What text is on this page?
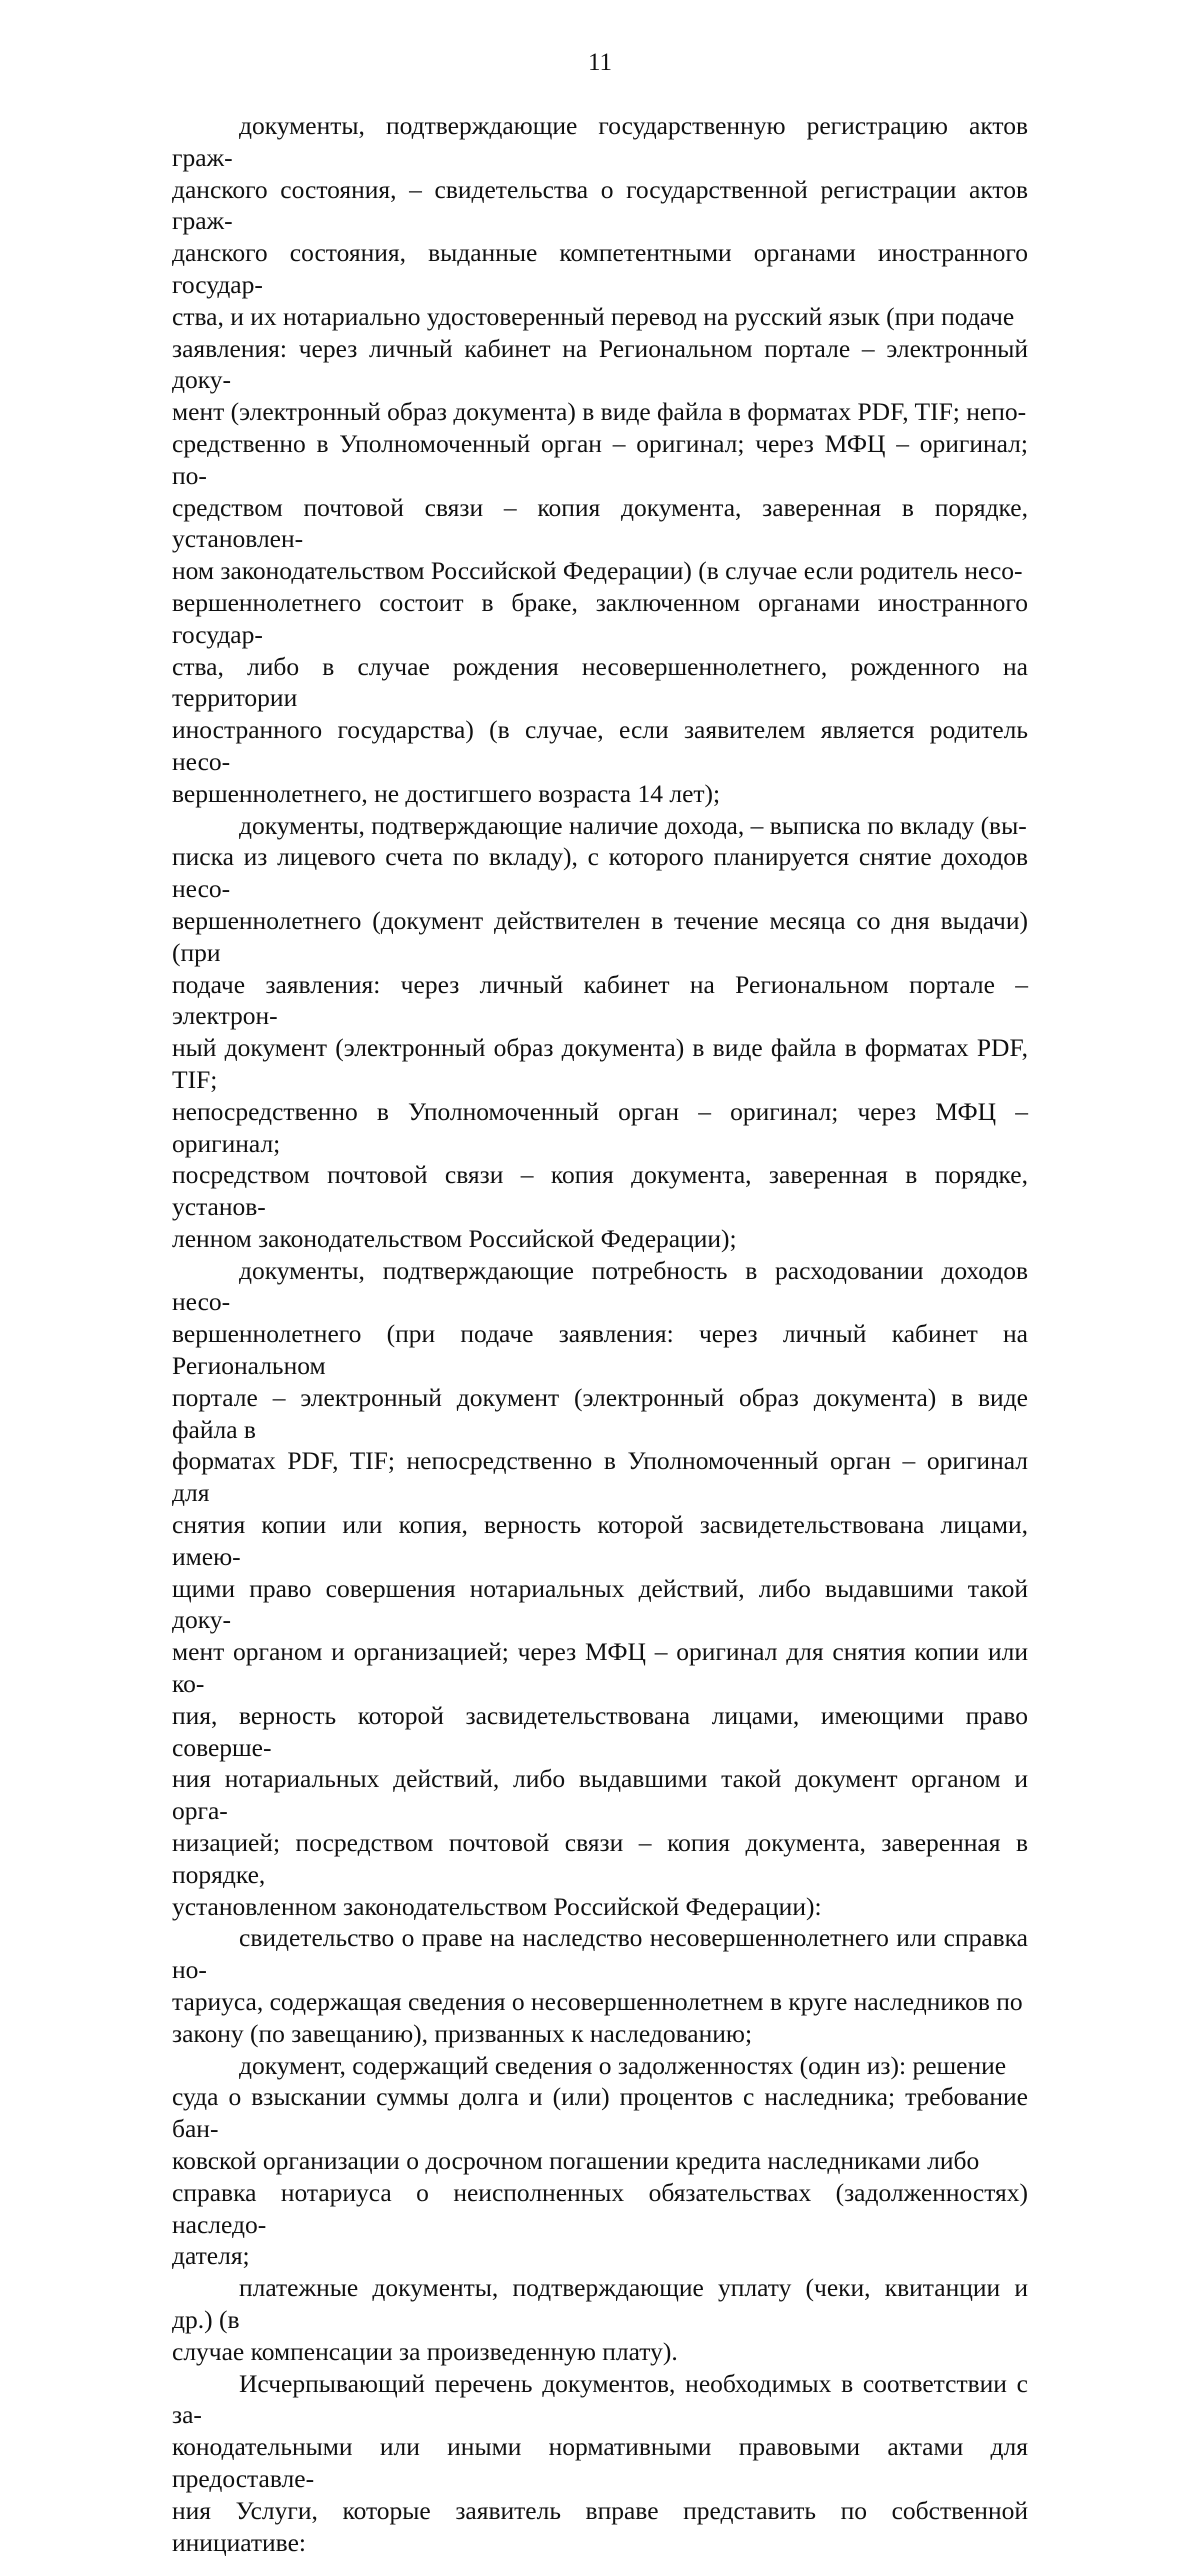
11

документы, подтверждающие государственную регистрацию актов граж-
данского состояния, – свидетельства о государственной регистрации актов граж-
данского состояния, выданные компетентными органами иностранного государ-
ства, и их нотариально удостоверенный перевод на русский язык (при подаче
заявления: через личный кабинет на Региональном портале – электронный доку-
мент (электронный образ документа) в виде файла в форматах PDF, TIF; непо-
средственно в Уполномоченный орган – оригинал; через МФЦ – оригинал; по-
средством почтовой связи – копия документа, заверенная в порядке, установлен-
ном законодательством Российской Федерации) (в случае если родитель несо-
вершеннолетнего состоит в браке, заключенном органами иностранного государ-
ства, либо в случае рождения несовершеннолетнего, рожденного на территории
иностранного государства) (в случае, если заявителем является родитель несо-
вершеннолетнего, не достигшего возраста 14 лет);

документы, подтверждающие наличие дохода, – выписка по вкладу (вы-
писка из лицевого счета по вкладу), с которого планируется снятие доходов несо-
вершеннолетнего (документ действителен в течение месяца со дня выдачи) (при
подаче заявления: через личный кабинет на Региональном портале – электрон-
ный документ (электронный образ документа) в виде файла в форматах PDF, TIF;
непосредственно в Уполномоченный орган – оригинал; через МФЦ – оригинал;
посредством почтовой связи – копия документа, заверенная в порядке, установ-
ленном законодательством Российской Федерации);

документы, подтверждающие потребность в расходовании доходов несо-
вершеннолетнего (при подаче заявления: через личный кабинет на Региональном
портале – электронный документ (электронный образ документа) в виде файла в
форматах PDF, TIF; непосредственно в Уполномоченный орган – оригинал для
снятия копии или копия, верность которой засвидетельствована лицами, имею-
щими право совершения нотариальных действий, либо выдавшими такой доку-
мент органом и организацией; через МФЦ – оригинал для снятия копии или ко-
пия, верность которой засвидетельствована лицами, имеющими право соверше-
ния нотариальных действий, либо выдавшими такой документ органом и орга-
низацией; посредством почтовой связи – копия документа, заверенная в порядке,
установленном законодательством Российской Федерации):

свидетельство о праве на наследство несовершеннолетнего или справка но-
тариуса, содержащая сведения о несовершеннолетнем в круге наследников по
закону (по завещанию), призванных к наследованию;

документ, содержащий сведения о задолженностях (один из): решение
суда о взыскании суммы долга и (или) процентов с наследника; требование бан-
ковской организации о досрочном погашении кредита наследниками либо
справка нотариуса о неисполненных обязательствах (задолженностях) наследо-
дателя;

платежные документы, подтверждающие уплату (чеки, квитанции и др.) (в
случае компенсации за произведенную плату).

Исчерпывающий перечень документов, необходимых в соответствии с за-
конодательными или иными нормативными правовыми актами для предоставле-
ния Услуги, которые заявитель вправе представить по собственной инициативе:
